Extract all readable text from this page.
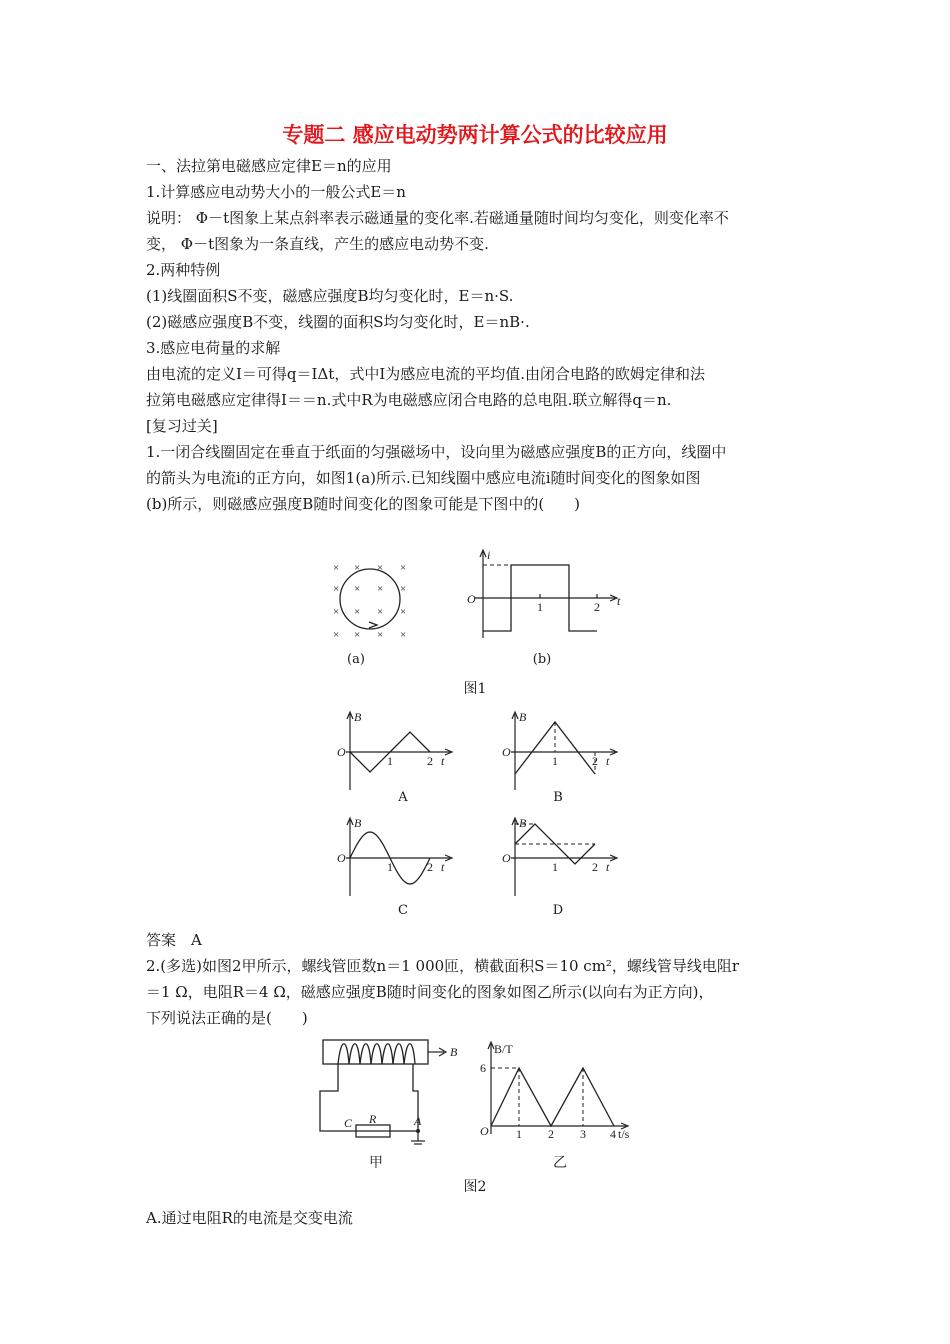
专题二 感应电动势两计算公式的比较应用
一、法拉第电磁感应定律E＝n的应用
1.计算感应电动势大小的一般公式E＝n
说明： Φ－t图象上某点斜率表示磁通量的变化率.若磁通量随时间均匀变化，则变化率不
变， Φ－t图象为一条直线，产生的感应电动势不变.
2.两种特例
(1)线圈面积S不变，磁感应强度B均匀变化时，E＝n·S.
(2)磁感应强度B不变，线圈的面积S均匀变化时，E＝nB·.
3.感应电荷量的求解
由电流的定义I＝可得q＝IΔt，式中I为感应电流的平均值.由闭合电路的欧姆定律和法
拉第电磁感应定律得I＝＝n.式中R为电磁感应闭合电路的总电阻.联立解得q＝n.
[复习过关]
1.一闭合线圈固定在垂直于纸面的匀强磁场中，设向里为磁感应强度B的正方向，线圈中
的箭头为电流i的正方向，如图1(a)所示.已知线圈中感应电流i随时间变化的图象如图
(b)所示，则磁感应强度B随时间变化的图象可能是下图中的(　　)
× × × ×
× × × ×
× × × ×
× × × ×
(a)
i
O
1	2 t
(b)
图1
B
O
1	2 t
A
B
O
1	2 t
B
B
O
1	2 t
C
B
O
1	2 t
D
答案　A
2.(多选)如图2甲所示，螺线管匝数n＝1 000匝，横截面积S＝10 cm²，螺线管导线电阻r
＝1 Ω，电阻R＝4 Ω，磁感应强度B随时间变化的图象如图乙所示(以向右为正方向)，
下列说法正确的是(　　)
B
C R	A
甲
B/T
6
O 1 2 3 4 t/s
乙
图2
A.通过电阻R的电流是交变电流
